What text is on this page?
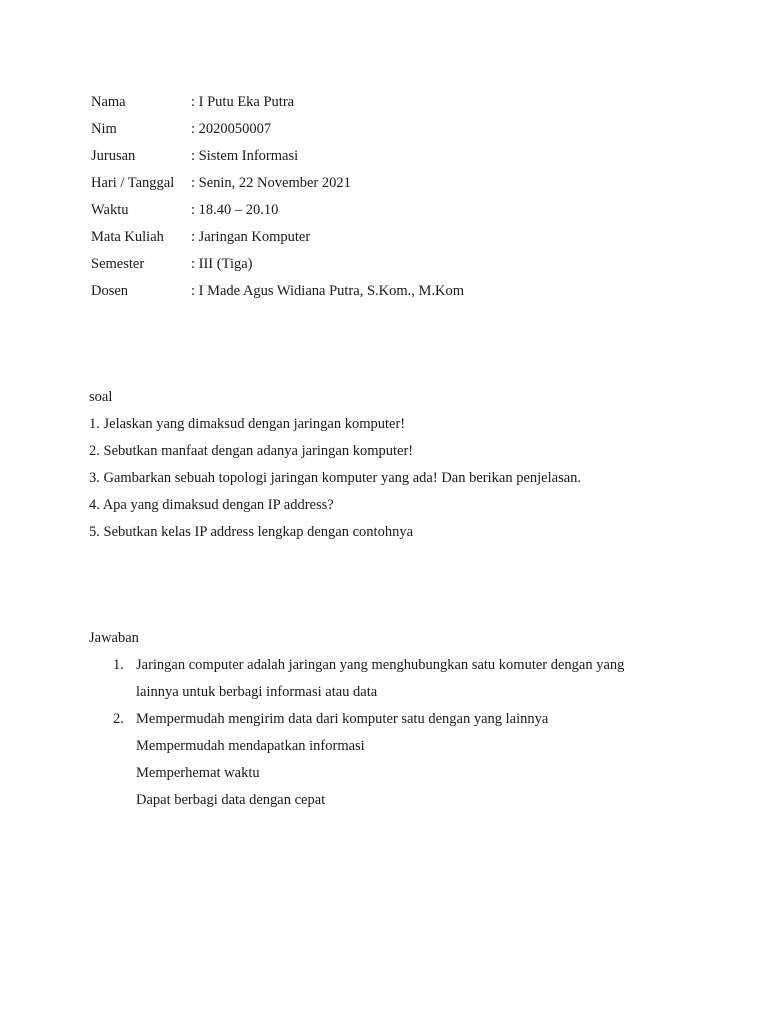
Nama	: I Putu Eka Putra
Nim	: 2020050007
Jurusan	: Sistem Informasi
Hari / Tanggal : Senin, 22 November 2021
Waktu	: 18.40 – 20.10
Mata Kuliah : Jaringan Komputer
Semester	: III (Tiga)
Dosen	: I Made Agus Widiana Putra, S.Kom., M.Kom
soal
1. Jelaskan yang dimaksud dengan jaringan komputer!
2. Sebutkan manfaat dengan adanya jaringan komputer!
3. Gambarkan sebuah topologi jaringan komputer yang ada! Dan berikan penjelasan.
4. Apa yang dimaksud dengan IP address?
5. Sebutkan kelas IP address lengkap dengan contohnya
Jawaban
1. Jaringan computer adalah jaringan yang menghubungkan satu komuter dengan yang
lainnya untuk berbagi informasi atau data
2. Mempermudah mengirim data dari komputer satu dengan yang lainnya
Mempermudah mendapatkan informasi
Memperhemat waktu
Dapat berbagi data dengan cepat
